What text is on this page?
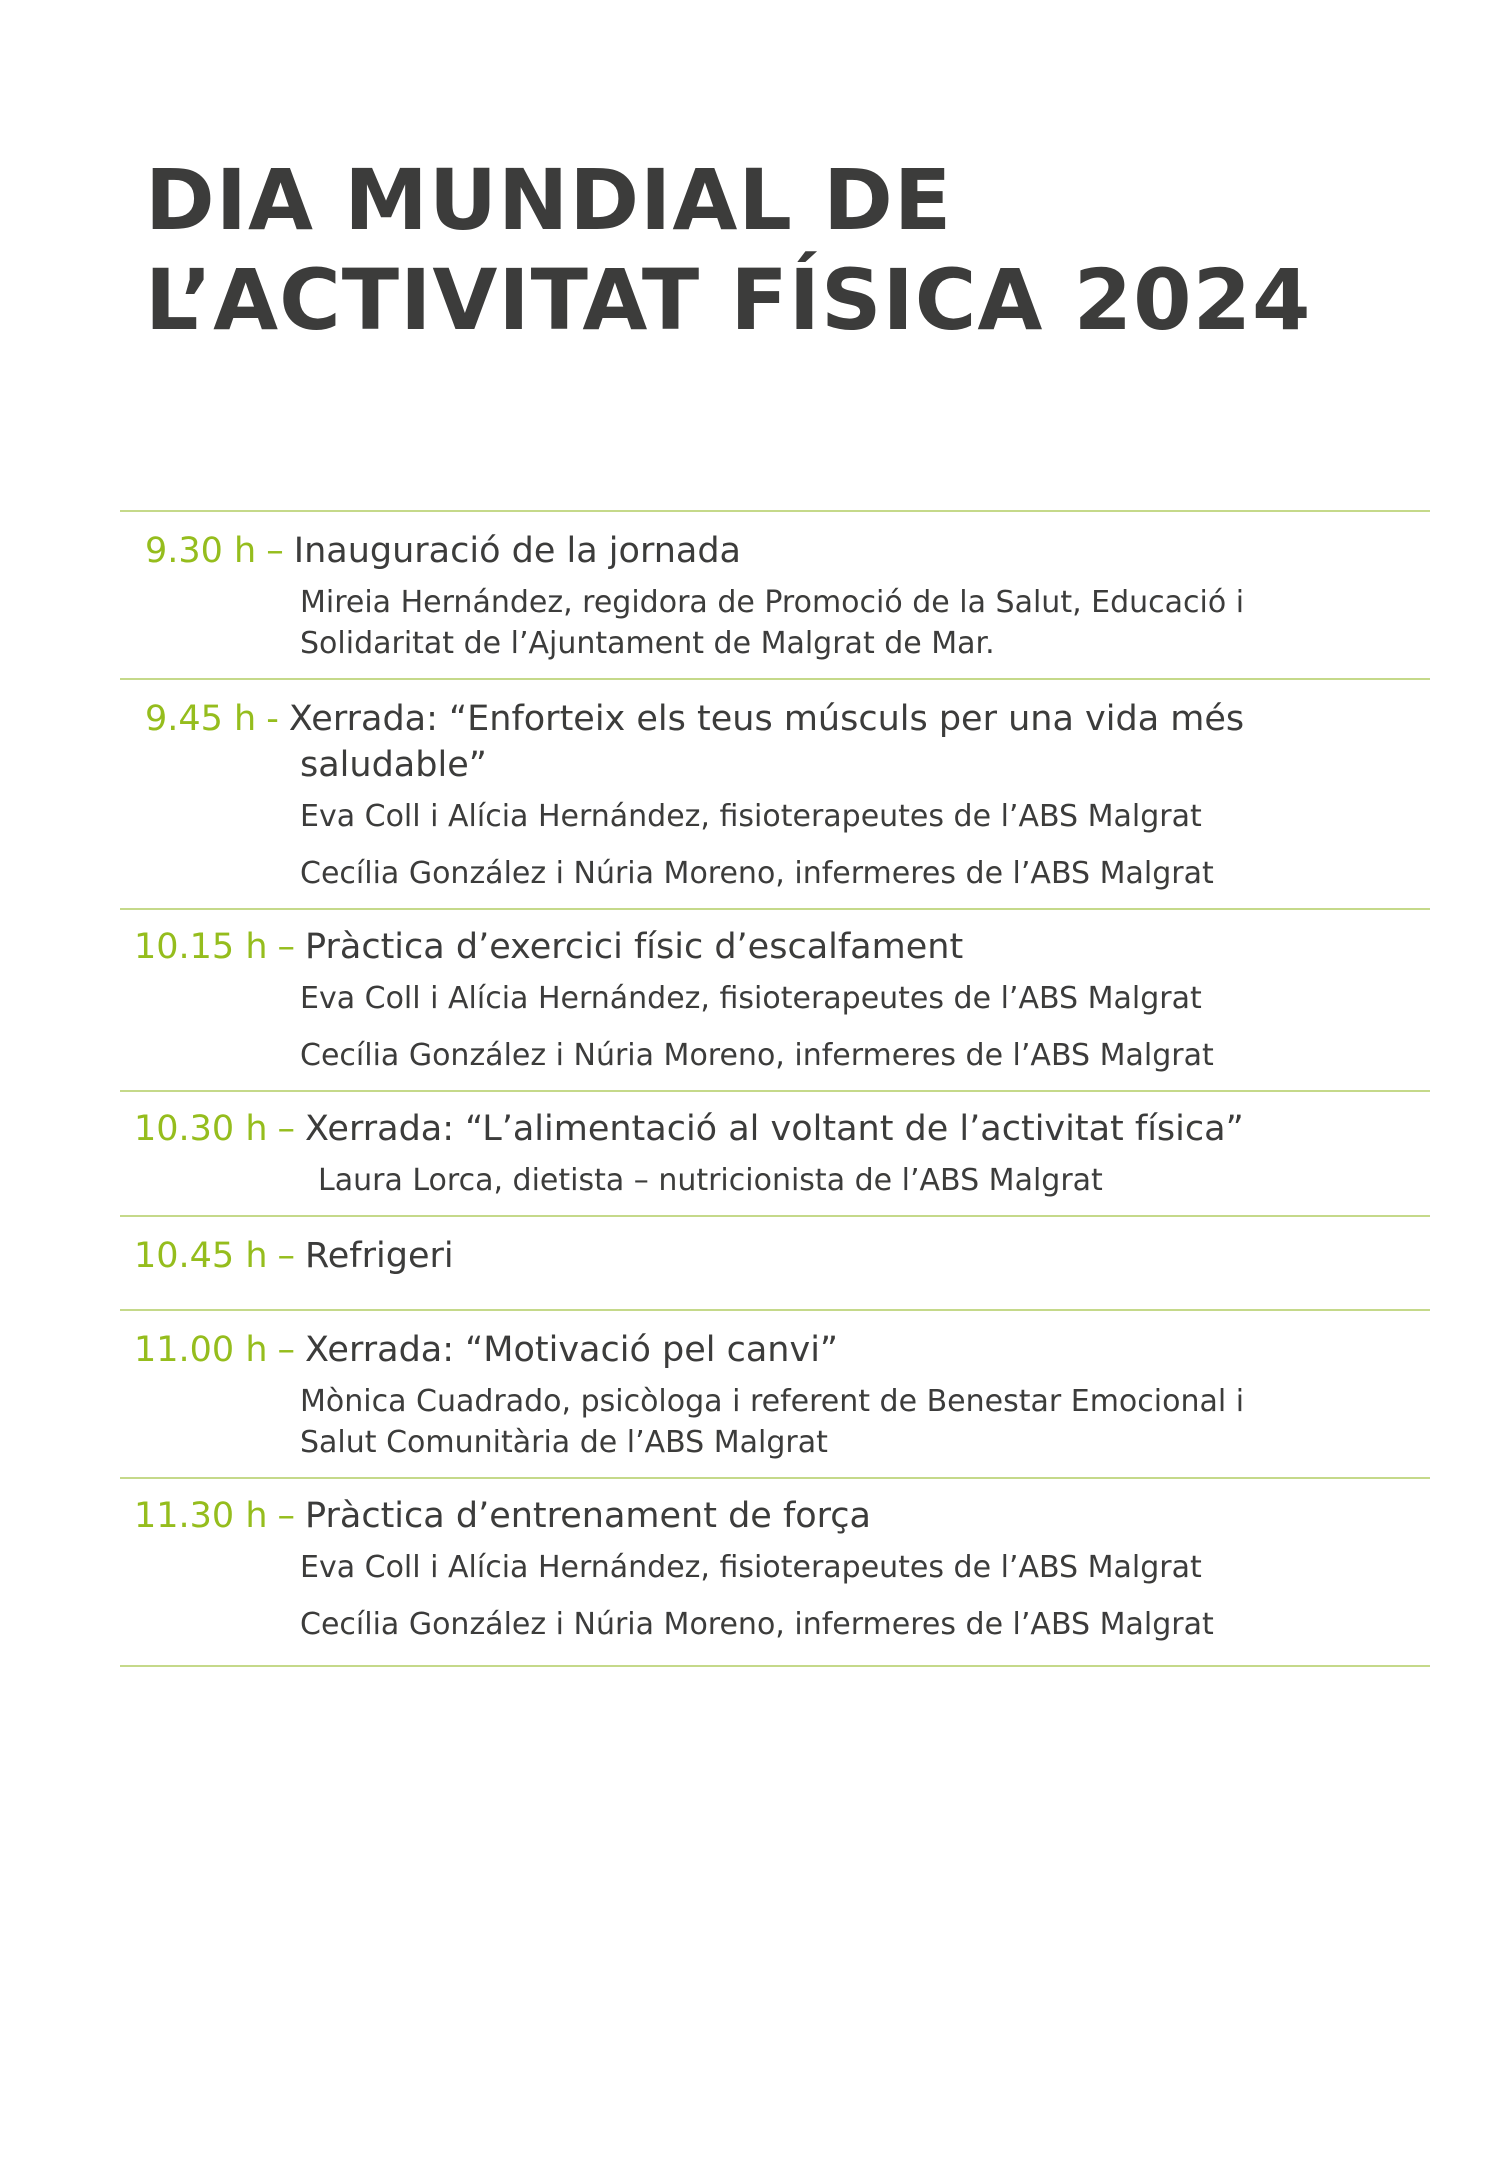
DIA MUNDIAL DE
L’ACTIVITAT FÍSICA 2024
9.30 h – Inauguració de la jornada
Mireia Hernández, regidora de Promoció de la Salut, Educació i
Solidaritat de l’Ajuntament de Malgrat de Mar.
9.45 h - Xerrada: “Enforteix els teus músculs per una vida més
saludable”
Eva Coll i Alícia Hernández, fisioterapeutes de l’ABS Malgrat
Cecília González i Núria Moreno, infermeres de l’ABS Malgrat
10.15 h – Pràctica d’exercici físic d’escalfament
Eva Coll i Alícia Hernández, fisioterapeutes de l’ABS Malgrat
Cecília González i Núria Moreno, infermeres de l’ABS Malgrat
10.30 h – Xerrada: “L’alimentació al voltant de l’activitat física”
Laura Lorca, dietista – nutricionista de l’ABS Malgrat
10.45 h – Refrigeri
11.00 h – Xerrada: “Motivació pel canvi”
Mònica Cuadrado, psicòloga i referent de Benestar Emocional i
Salut Comunitària de l’ABS Malgrat
11.30 h – Pràctica d’entrenament de força
Eva Coll i Alícia Hernández, fisioterapeutes de l’ABS Malgrat
Cecília González i Núria Moreno, infermeres de l’ABS Malgrat
